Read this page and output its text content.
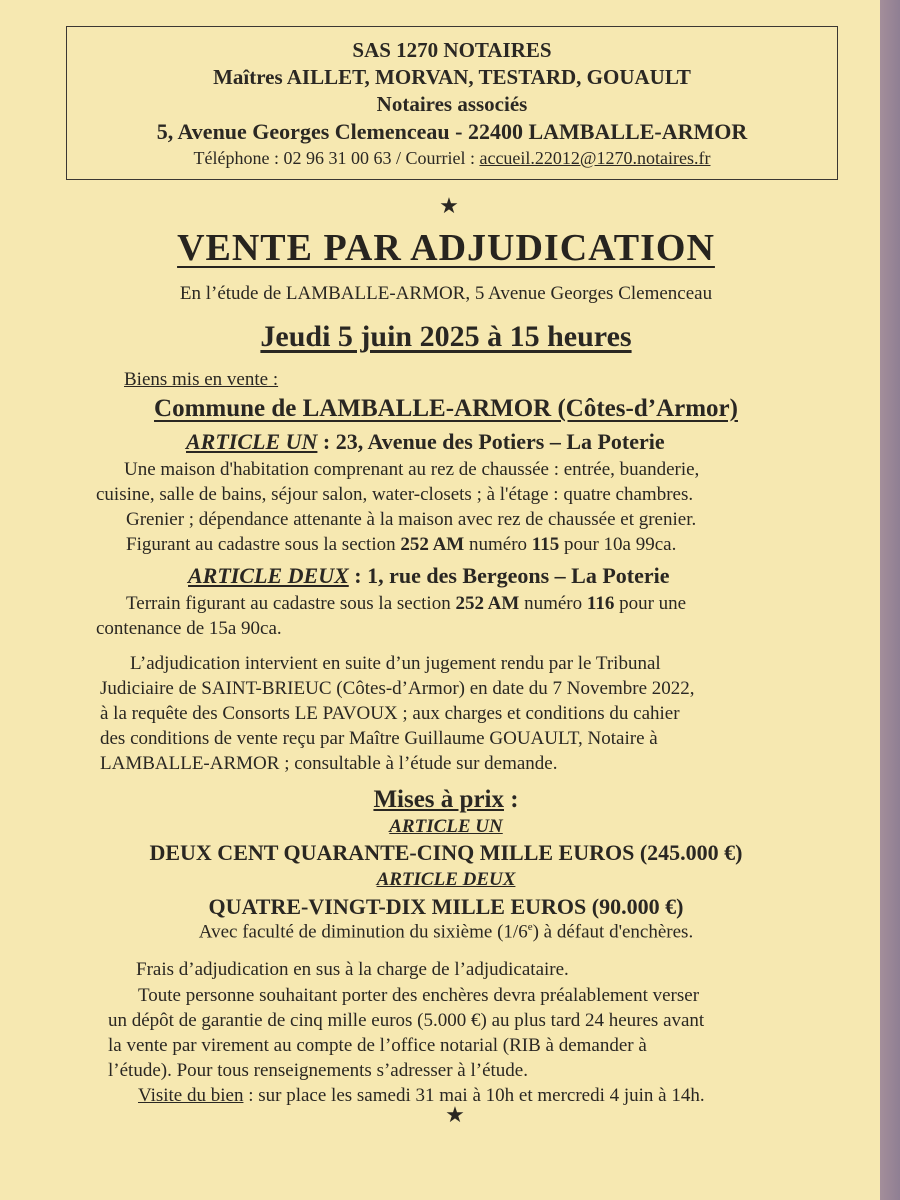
SAS 1270 NOTAIRES
Maîtres AILLET, MORVAN, TESTARD, GOUAULT
Notaires associés
5, Avenue Georges Clemenceau - 22400 LAMBALLE-ARMOR
Téléphone : 02 96 31 00 63 / Courriel : accueil.22012@1270.notaires.fr
★
VENTE PAR ADJUDICATION
En l’étude de LAMBALLE-ARMOR, 5 Avenue Georges Clemenceau
Jeudi 5 juin 2025 à 15 heures
Biens mis en vente :
Commune de LAMBALLE-ARMOR (Côtes-d’Armor)
ARTICLE UN : 23, Avenue des Potiers – La Poterie
Une maison d'habitation comprenant au rez de chaussée : entrée, buanderie,
cuisine, salle de bains, séjour salon, water-closets ; à l'étage : quatre chambres.
Grenier ; dépendance attenante à la maison avec rez de chaussée et grenier.
Figurant au cadastre sous la section 252 AM numéro 115 pour 10a 99ca.
ARTICLE DEUX : 1, rue des Bergeons – La Poterie
Terrain figurant au cadastre sous la section 252 AM numéro 116 pour une
contenance de 15a 90ca.
L’adjudication intervient en suite d’un jugement rendu par le Tribunal
Judiciaire de SAINT-BRIEUC (Côtes-d’Armor) en date du 7 Novembre 2022,
à la requête des Consorts LE PAVOUX ; aux charges et conditions du cahier
des conditions de vente reçu par Maître Guillaume GOUAULT, Notaire à
LAMBALLE-ARMOR ; consultable à l’étude sur demande.
Mises à prix :
ARTICLE UN
DEUX CENT QUARANTE-CINQ MILLE EUROS (245.000 €)
ARTICLE DEUX
QUATRE-VINGT-DIX MILLE EUROS (90.000 €)
Avec faculté de diminution du sixième (1/6e) à défaut d'enchères.
Frais d’adjudication en sus à la charge de l’adjudicataire.
Toute personne souhaitant porter des enchères devra préalablement verser
un dépôt de garantie de cinq mille euros (5.000 €) au plus tard 24 heures avant
la vente par virement au compte de l’office notarial (RIB à demander à
l’étude). Pour tous renseignements s’adresser à l’étude.
Visite du bien : sur place les samedi 31 mai à 10h et mercredi 4 juin à 14h.
★
